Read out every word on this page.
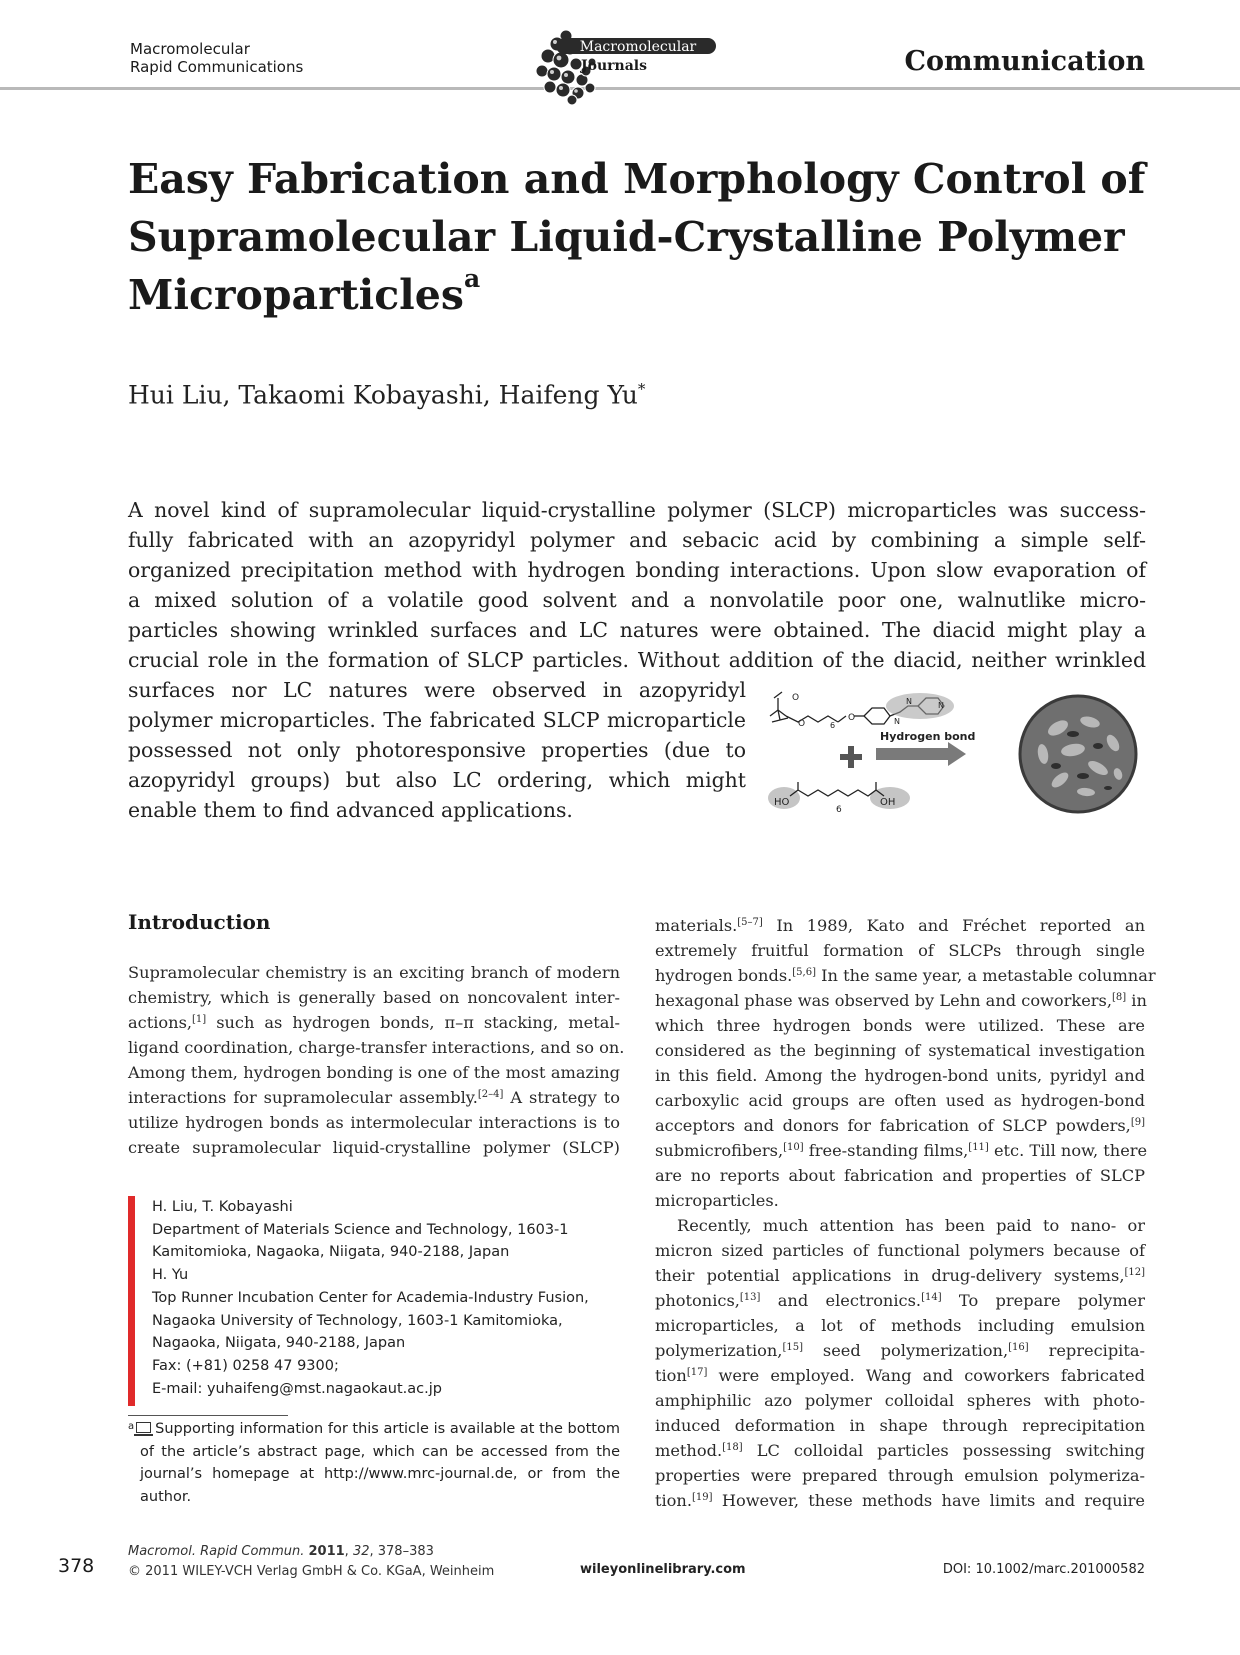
Macromolecular
Rapid Communications
Macromolecular
Journals	Communication
Easy Fabrication and Morphology Control of
Supramolecular Liquid-Crystalline Polymer
Microparticles$^a$
Hui Liu, Takaomi Kobayashi, Haifeng Yu*
A novel kind of supramolecular liquid-crystalline polymer (SLCP) microparticles was success-
fully fabricated with an azopyridyl polymer and sebacic acid by combining a simple self-
organized precipitation method with hydrogen bonding interactions. Upon slow evaporation of
a mixed solution of a volatile good solvent and a nonvolatile poor one, walnutlike micro-
particles showing wrinkled surfaces and LC natures were obtained. The diacid might play a
crucial role in the formation of SLCP particles. Without addition of the diacid, neither wrinkled
surfaces nor LC natures were observed in azopyridyl
polymer microparticles. The fabricated SLCP microparticle
possessed not only photoresponsive properties (due to
azopyridyl groups) but also LC ordering, which might
enable them to find advanced applications.
O
O	6
O	N
N	N
HO	OH
6
Hydrogen bond
Introduction
Supramolecular chemistry is an exciting branch of modern
chemistry, which is generally based on noncovalent inter-
actions,[1] such as hydrogen bonds, π–π stacking, metal-
ligand coordination, charge-transfer interactions, and so on.
Among them, hydrogen bonding is one of the most amazing
interactions for supramolecular assembly.[2–4] A strategy to
utilize hydrogen bonds as intermolecular interactions is to
create supramolecular liquid-crystalline polymer (SLCP)
materials.[5–7] In 1989, Kato and Fréchet reported an
extremely fruitful formation of SLCPs through single
hydrogen bonds.[5,6] In the same year, a metastable columnar
hexagonal phase was observed by Lehn and coworkers,[8] in
which three hydrogen bonds were utilized. These are
considered as the beginning of systematical investigation
in this field. Among the hydrogen-bond units, pyridyl and
carboxylic acid groups are often used as hydrogen-bond
acceptors and donors for fabrication of SLCP powders,[9]
submicrofibers,[10] free-standing films,[11] etc. Till now, there
are no reports about fabrication and properties of SLCP
microparticles.
Recently, much attention has been paid to nano- or
micron sized particles of functional polymers because of
their potential applications in drug-delivery systems,[12]
photonics,[13] and electronics.[14] To prepare polymer
microparticles, a lot of methods including emulsion
polymerization,[15] seed polymerization,[16] reprecipita-
tion[17] were employed. Wang and coworkers fabricated
amphiphilic azo polymer colloidal spheres with photo-
induced deformation in shape through reprecipitation
method.[18] LC colloidal particles possessing switching
properties were prepared through emulsion polymeriza-
tion.[19] However, these methods have limits and require
H. Liu, T. Kobayashi
Department of Materials Science and Technology, 1603-1
Kamitomioka, Nagaoka, Niigata, 940-2188, Japan
H. Yu
Top Runner Incubation Center for Academia-Industry Fusion,
Nagaoka University of Technology, 1603-1 Kamitomioka,
Nagaoka, Niigata, 940-2188, Japan
Fax: (+81) 0258 47 9300;
E-mail: yuhaifeng@mst.nagaokaut.ac.jp
$^a$ Supporting information for this article is available at the bottom
of the article’s abstract page, which can be accessed from the
journal’s homepage at http://www.mrc-journal.de, or from the
author.
378
Macromol. Rapid Commun. 2011, 32, 378–383
© 2011 WILEY-VCH Verlag GmbH & Co. KGaA, Weinheim	wileyonlinelibrary.com	DOI: 10.1002/marc.201000582
